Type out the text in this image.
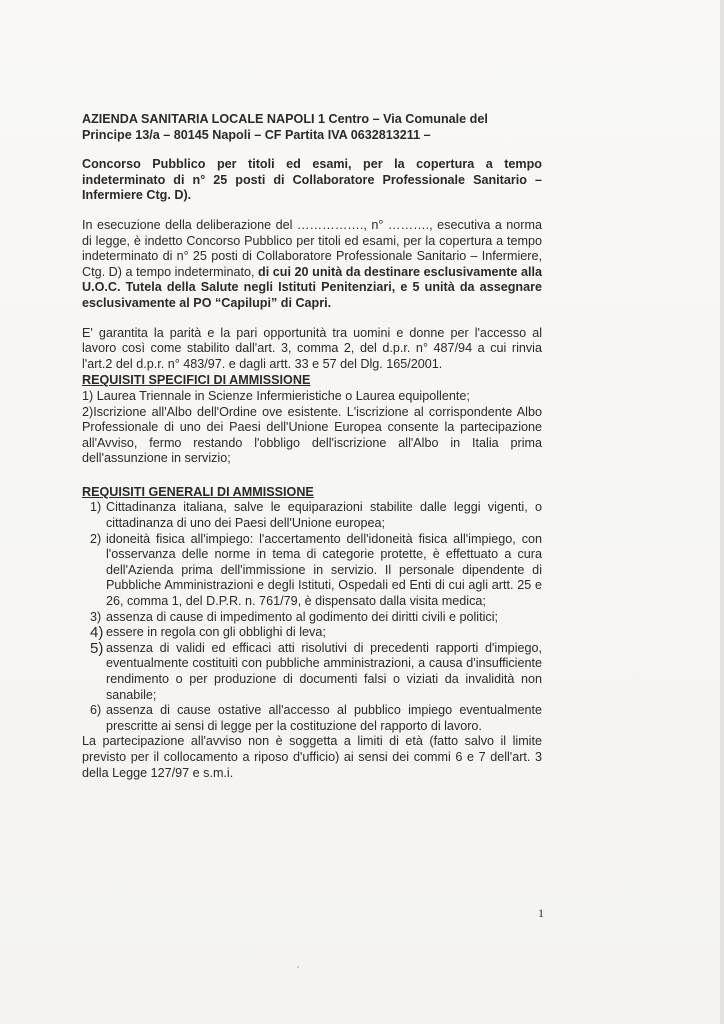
AZIENDA SANITARIA LOCALE NAPOLI 1 Centro – Via Comunale del

Principe 13/a – 80145 Napoli – CF Partita IVA 0632813211 –

Concorso Pubblico per titoli ed esami, per la copertura a tempo indeterminato di n° 25 posti di Collaboratore Professionale Sanitario – Infermiere Ctg. D).

In esecuzione della deliberazione del ……………., n° ………., esecutiva a norma di legge, è indetto Concorso Pubblico per titoli ed esami, per la copertura a tempo indeterminato di n° 25 posti di Collaboratore Professionale Sanitario – Infermiere, Ctg. D) a tempo indeterminato, di cui 20 unità da destinare esclusivamente alla U.O.C. Tutela della Salute negli Istituti Penitenziari, e 5 unità da assegnare esclusivamente al PO “Capilupi” di Capri.

E' garantita la parità e la pari opportunità tra uomini e donne per l'accesso al lavoro così come stabilito dall'art. 3, comma 2, del d.p.r. n° 487/94 a cui rinvia l'art.2 del d.p.r. n° 483/97. e dagli artt. 33 e 57 del Dlg. 165/2001.

REQUISITI SPECIFICI DI AMMISSIONE

1) Laurea Triennale in Scienze Infermieristiche o Laurea equipollente;

2)Iscrizione all'Albo dell'Ordine ove esistente. L'iscrizione al corrispondente Albo Professionale di uno dei Paesi dell'Unione Europea consente la partecipazione all'Avviso, fermo restando l'obbligo dell'iscrizione all'Albo in Italia prima dell'assunzione in servizio;

REQUISITI GENERALI DI AMMISSIONE
1) Cittadinanza italiana, salve le equiparazioni stabilite dalle leggi vigenti, o cittadinanza di uno dei Paesi dell'Unione europea;
2) idoneità fisica all'impiego: l'accertamento dell'idoneità fisica all'impiego, con l'osservanza delle norme in tema di categorie protette, è effettuato a cura dell'Azienda prima dell'immissione in servizio. Il personale dipendente di Pubbliche Amministrazioni e degli Istituti, Ospedali ed Enti di cui agli artt. 25 e 26, comma 1, del D.P.R. n. 761/79, è dispensato dalla visita medica;
3) assenza di cause di impedimento al godimento dei diritti civili e politici;
4) essere in regola con gli obblighi di leva;
5) assenza di validi ed efficaci atti risolutivi di precedenti rapporti d'impiego, eventualmente costituiti con pubbliche amministrazioni, a causa d'insufficiente rendimento o per produzione di documenti falsi o viziati da invalidità non sanabile;
6) assenza di cause ostative all'accesso al pubblico impiego eventualmente prescritte ai sensi di legge per la costituzione del rapporto di lavoro.

La partecipazione all'avviso non è soggetta a limiti di età (fatto salvo il limite previsto per il collocamento a riposo d'ufficio) ai sensi dei commi 6 e 7 dell'art. 3 della Legge 127/97 e s.m.i.

1
